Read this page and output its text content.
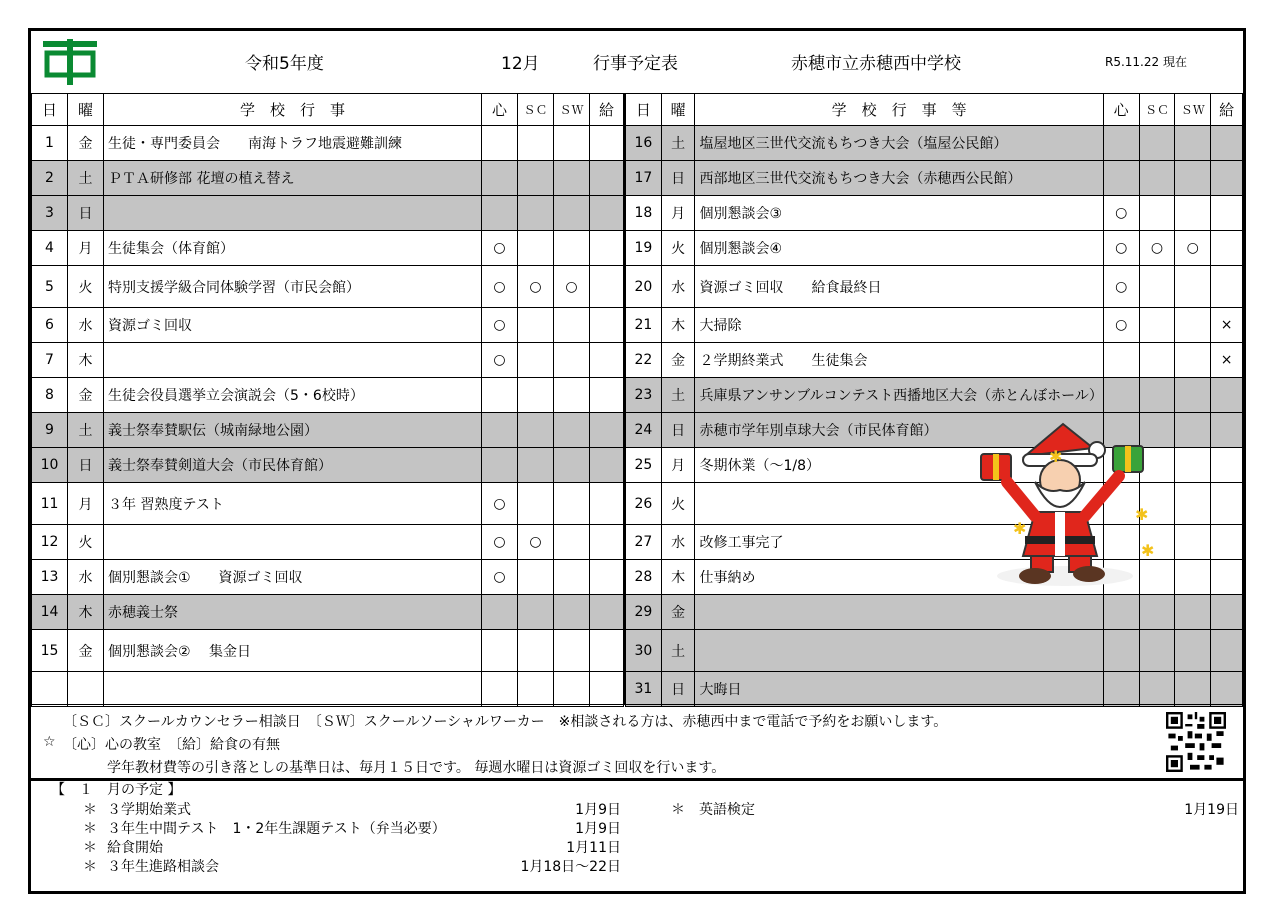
令和5年度	12月	行事予定表	赤穂市立赤穂西中学校	R5.11.22 現在
日	曜	学　校　行　事	心	ＳＣ	ＳＷ	給
1	金	生徒・専門委員会　　南海トラフ地震避難訓練				
2	土	ＰＴＡ研修部 花壇の植え替え				
3	日					
4	月	生徒集会（体育館）	○			
5	火	特別支援学級合同体験学習（市民会館）	○	○	○	
6	水	資源ゴミ回収	○			
7	木		○			
8	金	生徒会役員選挙立会演説会（5・6校時）				
9	土	義士祭奉賛駅伝（城南緑地公園）				
10	日	義士祭奉賛剣道大会（市民体育館）				
11	月	３年 習熟度テスト	○			
12	火		○	○		
13	水	個別懇談会①　　資源ゴミ回収	○			
14	木	赤穂義士祭				
15	金	個別懇談会②　 集金日				

日	曜	学　校　行　事　等	心	ＳＣ	ＳＷ	給
16	土	塩屋地区三世代交流もちつき大会（塩屋公民館）				
17	日	西部地区三世代交流もちつき大会（赤穂西公民館）				
18	月	個別懇談会③	○			
19	火	個別懇談会④	○	○	○	
20	水	資源ゴミ回収　　給食最終日	○			
21	木	大掃除	○			×
22	金	２学期終業式　　生徒集会				×
23	土	兵庫県アンサンブルコンテスト西播地区大会（赤とんぼホール）				
24	日	赤穂市学年別卓球大会（市民体育館）				
25	月	冬期休業（～1/8）				
26	火					
27	水	改修工事完了				
28	木	仕事納め				
29	金					
30	土					
31	日	大晦日				
✱
✱
✱
✱
〔ＳＣ〕スクールカウンセラー相談日　〔ＳＷ〕スクールソーシャルワーカー　※相談される方は、赤穂西中まで電話で予約をお願いします。
☆ 〔心〕心の教室　〔給〕給食の有無
学年教材費等の引き落としの基準日は、毎月１５日です。 毎週水曜日は資源ゴミ回収を行います。
【　１　月の予定 】
＊ ３学期始業式	1月9日
＊ ３年生中間テスト　1・2年生課題テスト（弁当必要）	1月9日
＊ 給食開始	1月11日
＊ ３年生進路相談会	1月18日～22日
＊ 英語検定	1月19日
